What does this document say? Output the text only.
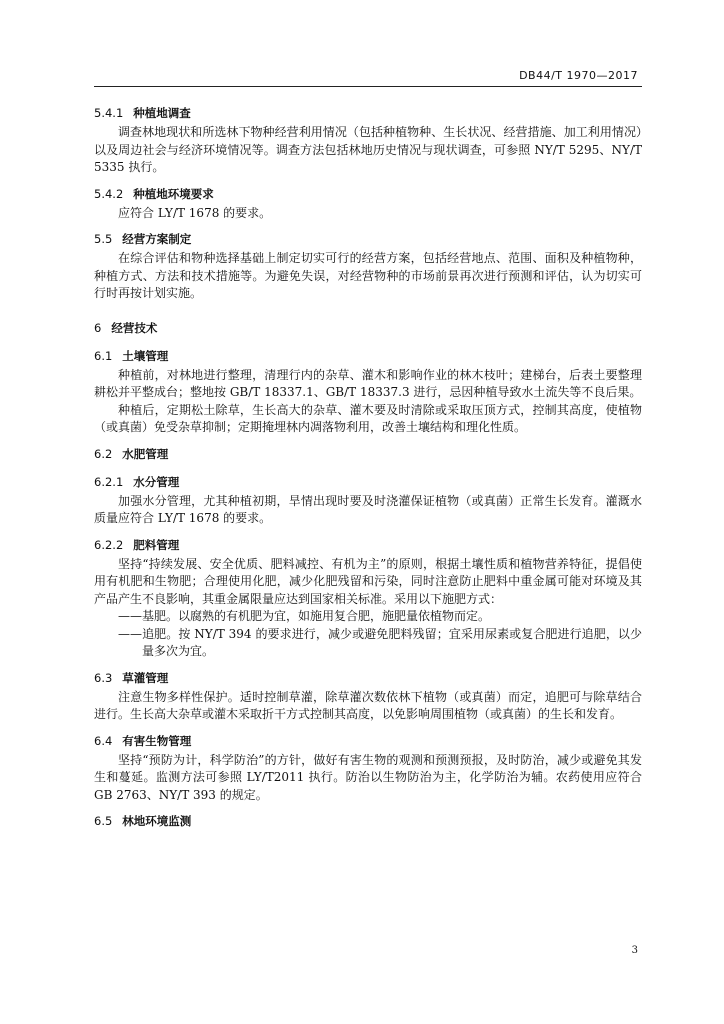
DB44/T 1970—2017
5.4.1 种植地调查

调查林地现状和所选林下物种经营利用情况（包括种植物种、生长状况、经营措施、加工利用情况）以及周边社会与经济环境情况等。调查方法包括林地历史情况与现状调查，可参照 NY/T 5295、NY/T 5335 执行。

5.4.2 种植地环境要求

应符合 LY/T 1678 的要求。

5.5 经营方案制定

在综合评估和物种选择基础上制定切实可行的经营方案，包括经营地点、范围、面积及种植物种，种植方式、方法和技术措施等。为避免失误，对经营物种的市场前景再次进行预测和评估，认为切实可行时再按计划实施。

6 经营技术
6.1 土壤管理

种植前，对林地进行整理，清理行内的杂草、灌木和影响作业的林木枝叶；建梯台，后表土要整理耕松并平整成台；整地按 GB/T 18337.1、GB/T 18337.3 进行，忌因种植导致水土流失等不良后果。

种植后，定期松土除草，生长高大的杂草、灌木要及时清除或采取压顶方式，控制其高度，使植物（或真菌）免受杂草抑制；定期掩埋林内凋落物利用，改善土壤结构和理化性质。

6.2 水肥管理
6.2.1 水分管理

加强水分管理，尤其种植初期，旱情出现时要及时浇灌保证植物（或真菌）正常生长发育。灌溉水质量应符合 LY/T 1678 的要求。

6.2.2 肥料管理

坚持“持续发展、安全优质、肥料减控、有机为主”的原则，根据土壤性质和植物营养特征，提倡使用有机肥和生物肥；合理使用化肥，减少化肥残留和污染，同时注意防止肥料中重金属可能对环境及其产品产生不良影响，其重金属限量应达到国家相关标准。采用以下施肥方式：

——基肥。以腐熟的有机肥为宜，如施用复合肥，施肥量依植物而定。

——追肥。按 NY/T 394 的要求进行，减少或避免肥料残留；宜采用尿素或复合肥进行追肥，以少量多次为宜。

6.3 草灌管理

注意生物多样性保护。适时控制草灌，除草灌次数依林下植物（或真菌）而定，追肥可与除草结合进行。生长高大杂草或灌木采取折干方式控制其高度，以免影响周围植物（或真菌）的生长和发育。

6.4 有害生物管理

坚持“预防为计，科学防治”的方针，做好有害生物的观测和预测预报，及时防治，减少或避免其发生和蔓延。监测方法可参照 LY/T2011 执行。防治以生物防治为主，化学防治为辅。农药使用应符合 GB 2763、NY/T 393 的规定。

6.5 林地环境监测
3
